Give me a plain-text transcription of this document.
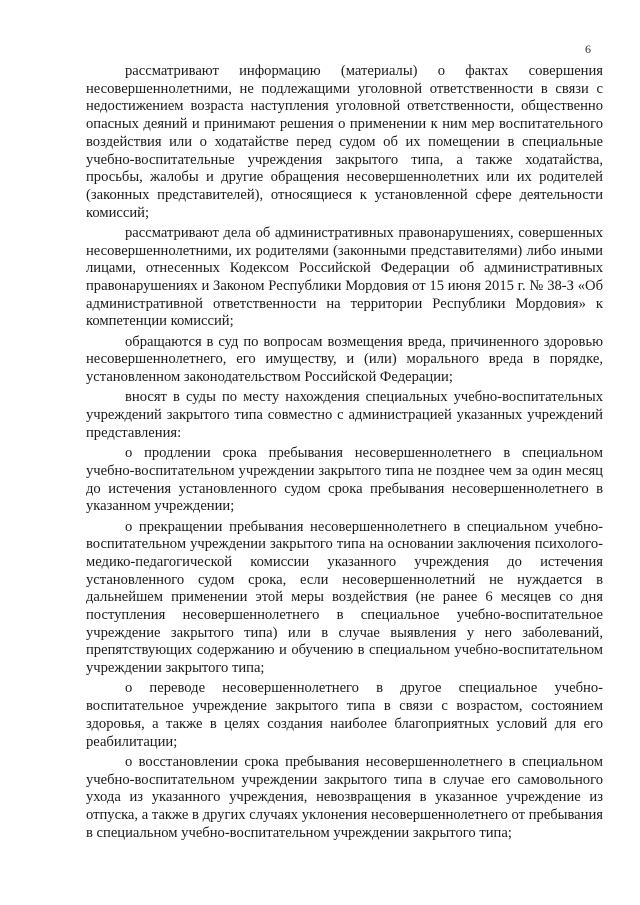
6

рассматривают информацию (материалы) о фактах совершения несовершеннолетними, не подлежащими уголовной ответственности в связи с недостижением возраста наступления уголовной ответственности, общественно опасных деяний и принимают решения о применении к ним мер воспитательного воздействия или о ходатайстве перед судом об их помещении в специальные учебно-воспитательные учреждения закрытого типа, а также ходатайства, просьбы, жалобы и другие обращения несовершеннолетних или их родителей (законных представителей), относящиеся к установленной сфере деятельности комиссий;

рассматривают дела об административных правонарушениях, совершенных несовершеннолетними, их родителями (законными представителями) либо иными лицами, отнесенных Кодексом Российской Федерации об административных правонарушениях и Законом Республики Мордовия от 15 июня 2015 г. № 38-З «Об административной ответственности на территории Республики Мордовия» к компетенции комиссий;

обращаются в суд по вопросам возмещения вреда, причиненного здоровью несовершеннолетнего, его имуществу, и (или) морального вреда в порядке, установленном законодательством Российской Федерации;

вносят в суды по месту нахождения специальных учебно-воспитательных учреждений закрытого типа совместно с администрацией указанных учреждений представления:

о продлении срока пребывания несовершеннолетнего в специальном учебно-воспитательном учреждении закрытого типа не позднее чем за один месяц до истечения установленного судом срока пребывания несовершеннолетнего в указанном учреждении;

о прекращении пребывания несовершеннолетнего в специальном учебно-воспитательном учреждении закрытого типа на основании заключения психолого-медико-педагогической комиссии указанного учреждения до истечения установленного судом срока, если несовершеннолетний не нуждается в дальнейшем применении этой меры воздействия (не ранее 6 месяцев со дня поступления несовершеннолетнего в специальное учебно-воспитательное учреждение закрытого типа) или в случае выявления у него заболеваний, препятствующих содержанию и обучению в специальном учебно-воспитательном учреждении закрытого типа;

о переводе несовершеннолетнего в другое специальное учебно-воспитательное учреждение закрытого типа в связи с возрастом, состоянием здоровья, а также в целях создания наиболее благоприятных условий для его реабилитации;

о восстановлении срока пребывания несовершеннолетнего в специальном учебно-воспитательном учреждении закрытого типа в случае его самовольного ухода из указанного учреждения, невозвращения в указанное учреждение из отпуска, а также в других случаях уклонения несовершеннолетнего от пребывания в специальном учебно-воспитательном учреждении закрытого типа;
